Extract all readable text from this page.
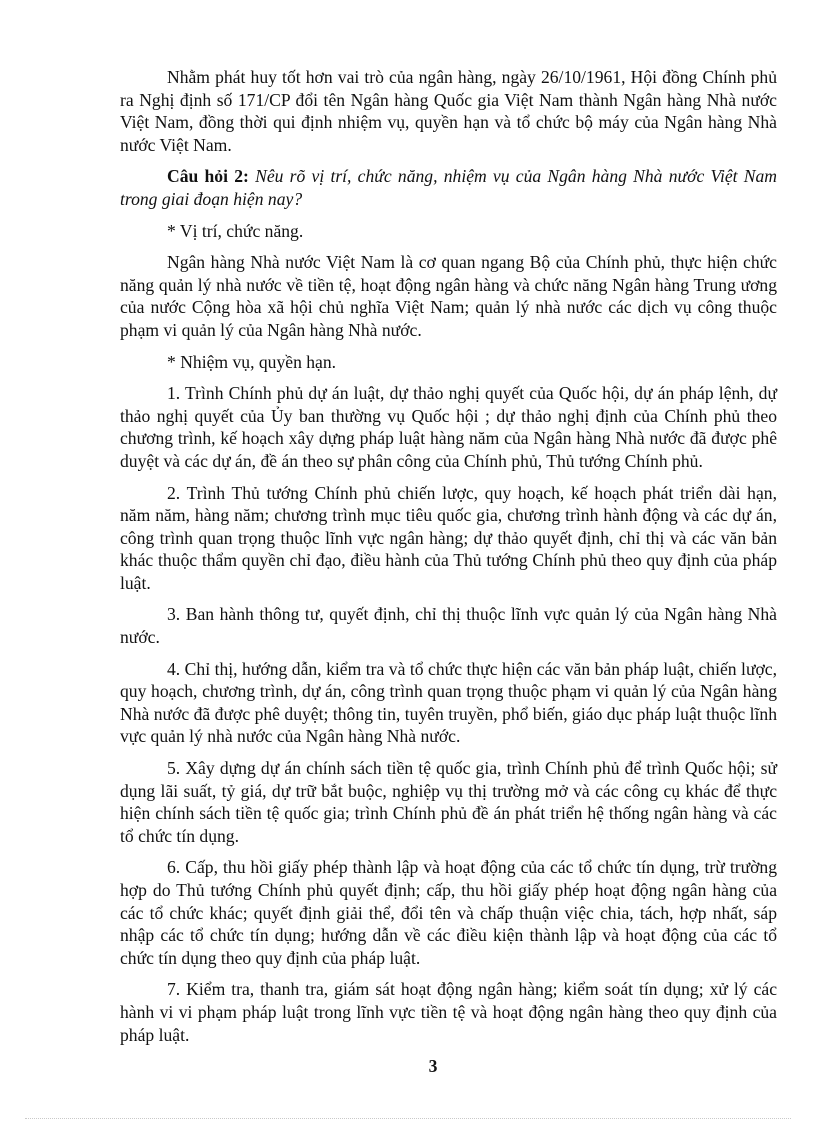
Nhằm phát huy tốt hơn vai trò của ngân hàng, ngày 26/10/1961, Hội đồng Chính phủ ra Nghị định số 171/CP đổi tên Ngân hàng Quốc gia Việt Nam thành Ngân hàng Nhà nước Việt Nam, đồng thời qui định nhiệm vụ, quyền hạn và tổ chức bộ máy của Ngân hàng Nhà nước Việt Nam.

Câu hỏi 2: Nêu rõ vị trí, chức năng, nhiệm vụ của Ngân hàng Nhà nước Việt Nam trong giai đoạn hiện nay?

* Vị trí, chức năng.

Ngân hàng Nhà nước Việt Nam là cơ quan ngang Bộ của Chính phủ, thực hiện chức năng quản lý nhà nước về tiền tệ, hoạt động ngân hàng và chức năng Ngân hàng Trung ương của nước Cộng hòa xã hội chủ nghĩa Việt Nam; quản lý nhà nước các dịch vụ công thuộc phạm vi quản lý của Ngân hàng Nhà nước.

* Nhiệm vụ, quyền hạn.

1. Trình Chính phủ dự án luật, dự thảo nghị quyết của Quốc hội, dự án pháp lệnh, dự thảo nghị quyết của Ủy ban thường vụ Quốc hội ; dự thảo nghị định của Chính phủ theo chương trình, kế hoạch xây dựng pháp luật hàng năm của Ngân hàng Nhà nước đã được phê duyệt và các dự án, đề án theo sự phân công của Chính phủ, Thủ tướng Chính phủ.

2. Trình Thủ tướng Chính phủ chiến lược, quy hoạch, kế hoạch phát triển dài hạn, năm năm, hàng năm; chương trình mục tiêu quốc gia, chương trình hành động và các dự án, công trình quan trọng thuộc lĩnh vực ngân hàng; dự thảo quyết định, chỉ thị và các văn bản khác thuộc thẩm quyền chỉ đạo, điều hành của Thủ tướng Chính phủ theo quy định của pháp luật.

3. Ban hành thông tư, quyết định, chỉ thị thuộc lĩnh vực quản lý của Ngân hàng Nhà nước.

4. Chỉ thị, hướng dẫn, kiểm tra và tổ chức thực hiện các văn bản pháp luật, chiến lược, quy hoạch, chương trình, dự án, công trình quan trọng thuộc phạm vi quản lý của Ngân hàng Nhà nước đã được phê duyệt; thông tin, tuyên truyền, phổ biến, giáo dục pháp luật thuộc lĩnh vực quản lý nhà nước của Ngân hàng Nhà nước.

5. Xây dựng dự án chính sách tiền tệ quốc gia, trình Chính phủ để trình Quốc hội; sử dụng lãi suất, tỷ giá, dự trữ bắt buộc, nghiệp vụ thị trường mở và các công cụ khác để thực hiện chính sách tiền tệ quốc gia; trình Chính phủ đề án phát triển hệ thống ngân hàng và các tổ chức tín dụng.

6. Cấp, thu hồi giấy phép thành lập và hoạt động của các tổ chức tín dụng, trừ trường hợp do Thủ tướng Chính phủ quyết định; cấp, thu hồi giấy phép hoạt động ngân hàng của các tổ chức khác; quyết định giải thể, đổi tên và chấp thuận việc chia, tách, hợp nhất, sáp nhập các tổ chức tín dụng; hướng dẫn về các điều kiện thành lập và hoạt động của các tổ chức tín dụng theo quy định của pháp luật.

7. Kiểm tra, thanh tra, giám sát hoạt động ngân hàng; kiểm soát tín dụng; xử lý các hành vi vi phạm pháp luật trong lĩnh vực tiền tệ và hoạt động ngân hàng theo quy định của pháp luật.

3
